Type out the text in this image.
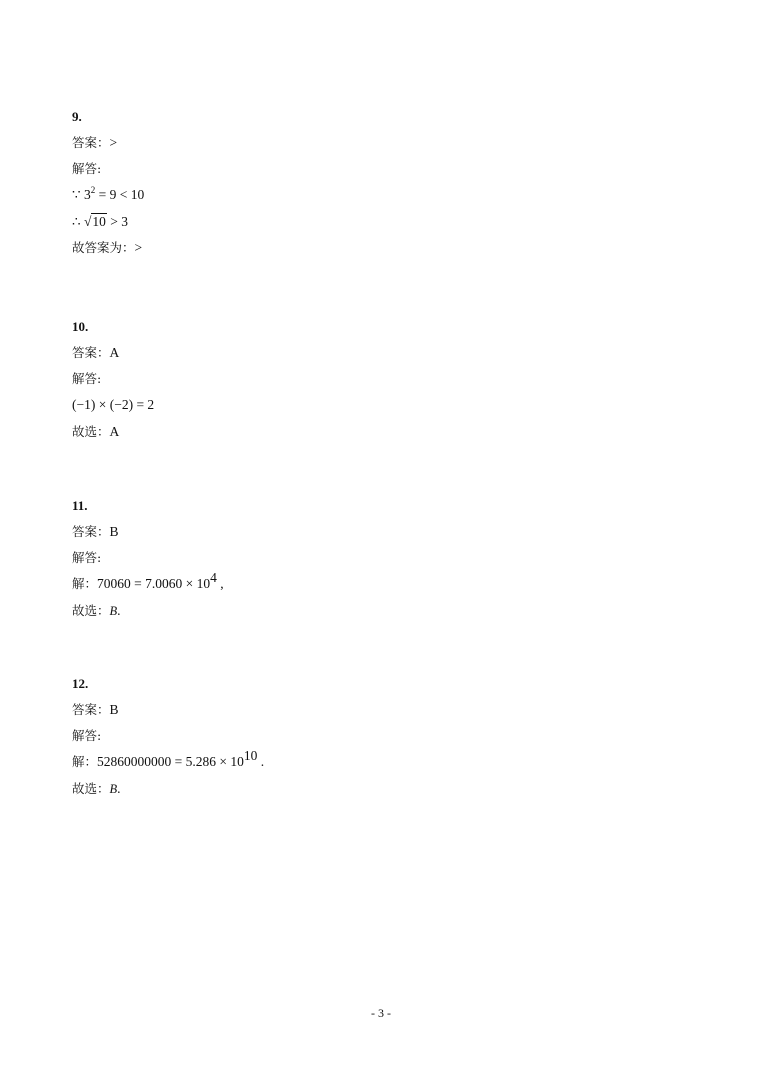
9.
答案：>
解答:
∵ $3^2 = 9 < 10$
∴ √10 > 3
故答案为：>
10.
答案：A
解答:
(−1) × (−2) = 2
故选：A
11.
答案：B
解答:
解：$70060 = 7.0060 \times 10^4$ ,
故选：B.
12.
答案：B
解答:
解：$52860000000 = 5.286 \times 10^{10}$ .
故选：B.
- 3 -
